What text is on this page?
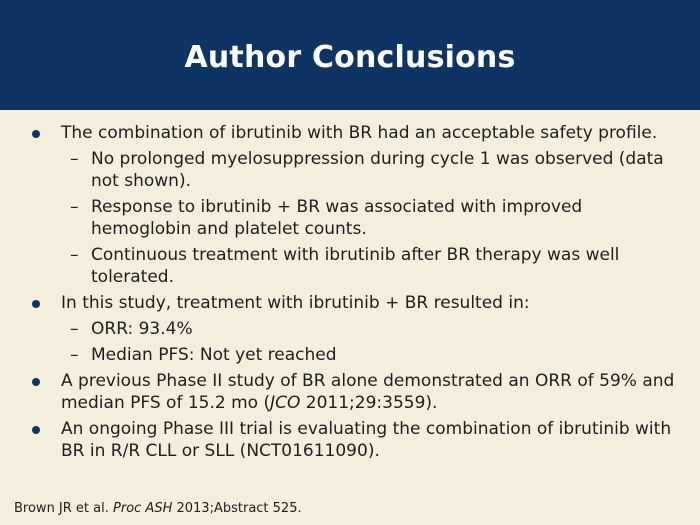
Author Conclusions
The combination of ibrutinib with BR had an acceptable safety profile.
– No prolonged myelosuppression during cycle 1 was observed (data not shown).
– Response to ibrutinib + BR was associated with improved hemoglobin and platelet counts.
– Continuous treatment with ibrutinib after BR therapy was well tolerated.
In this study, treatment with ibrutinib + BR resulted in:
– ORR: 93.4%
– Median PFS: Not yet reached
A previous Phase II study of BR alone demonstrated an ORR of 59% and median PFS of 15.2 mo (JCO 2011;29:3559).
An ongoing Phase III trial is evaluating the combination of ibrutinib with BR in R/R CLL or SLL (NCT01611090).
Brown JR et al. Proc ASH 2013;Abstract 525.
